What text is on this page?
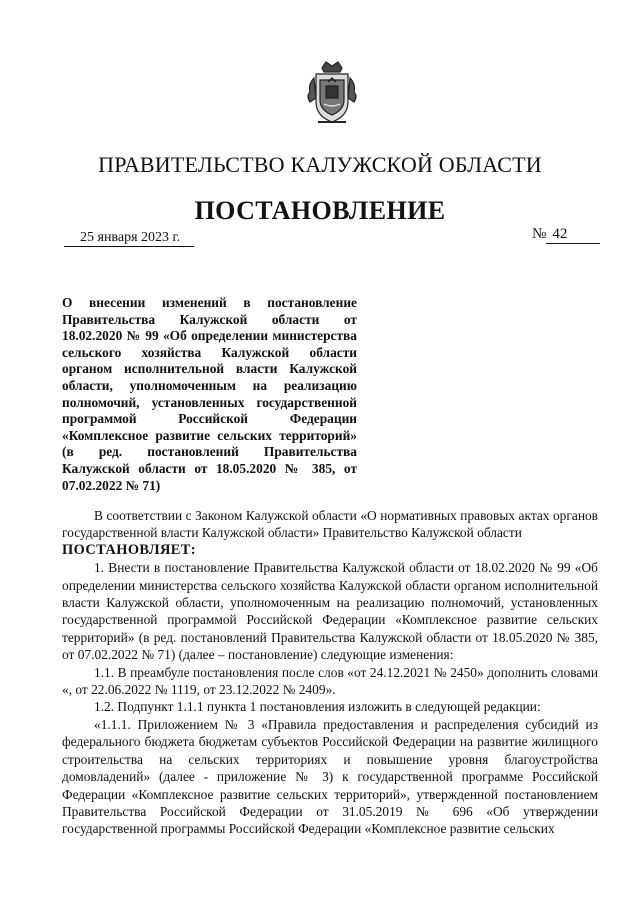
ПРАВИТЕЛЬСТВО КАЛУЖСКОЙ ОБЛАСТИ
ПОСТАНОВЛЕНИЕ
25 января 2023 г.	№ 42
О внесении изменений в постановление Правительства Калужской области от 18.02.2020 № 99 «Об определении министерства сельского хозяйства Калужской области органом исполнительной власти Калужской области, уполномоченным на реализацию полномочий, установленных государственной программой Российской Федерации «Комплексное развитие сельских территорий» (в ред. постановлений Правительства Калужской области от 18.05.2020 № 385, от 07.02.2022 № 71)

В соответствии с Законом Калужской области «О нормативных правовых актах органов государственной власти Калужской области» Правительство Калужской области

ПОСТАНОВЛЯЕТ:

1. Внести в постановление Правительства Калужской области от 18.02.2020 № 99 «Об определении министерства сельского хозяйства Калужской области органом исполнительной власти Калужской области, уполномоченным на реализацию полномочий, установленных государственной программой Российской Федерации «Комплексное развитие сельских территорий» (в ред. постановлений Правительства Калужской области от 18.05.2020 № 385, от 07.02.2022 № 71) (далее – постановление) следующие изменения:

1.1. В преамбуле постановления после слов «от 24.12.2021 № 2450» дополнить словами «, от 22.06.2022 № 1119, от 23.12.2022 № 2409».

1.2. Подпункт 1.1.1 пункта 1 постановления изложить в следующей редакции:

«1.1.1. Приложением № 3 «Правила предоставления и распределения субсидий из федерального бюджета бюджетам субъектов Российской Федерации на развитие жилищного строительства на сельских территориях и повышение уровня благоустройства домовладений» (далее - приложение № 3) к государственной программе Российской Федерации «Комплексное развитие сельских территорий», утвержденной постановлением Правительства Российской Федерации от 31.05.2019 № 696 «Об утверждении государственной программы Российской Федерации «Комплексное развитие сельских
